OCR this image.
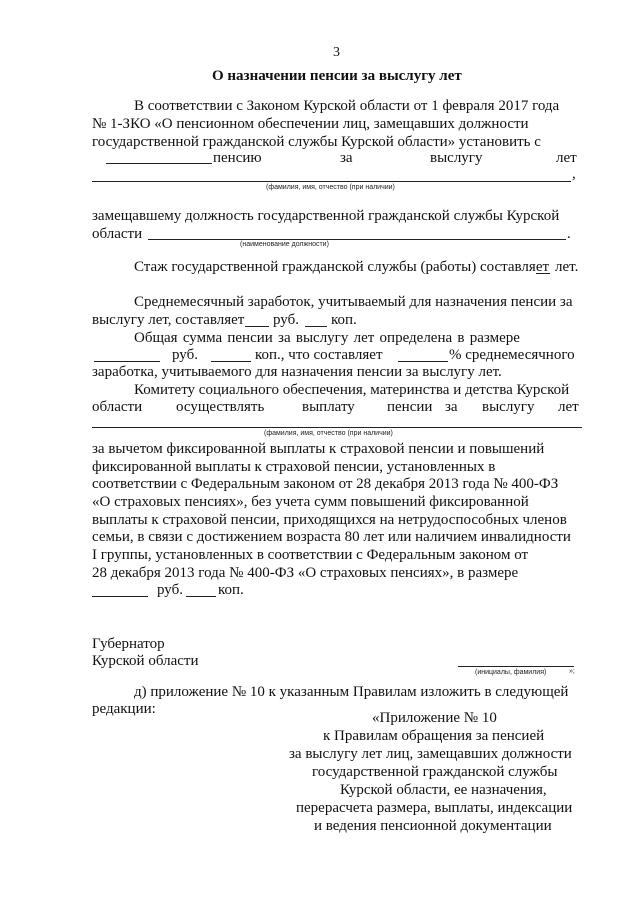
3
О назначении пенсии за выслугу лет
В соответствии с Законом Курской области от 1 февраля 2017 года
№ 1-ЗКО «О пенсионном обеспечении лиц, замещавших должности
государственной гражданской службы Курской области» установить с
пенсию	за	выслугу	лет
,
(фамилия, имя, отчество (при наличии)
замещавшему должность государственной гражданской службы Курской
области	.
(наименование должности)
Стаж государственной гражданской службы (работы) составляет лет.
Среднемесячный заработок, учитываемый для назначения пенсии за
выслугу лет, составляет руб. коп.
Общая сумма пенсии за выслугу лет определена в размере
руб.	коп., что составляет	% среднемесячного
заработка, учитываемого для назначения пенсии за выслугу лет.
Комитету социального обеспечения, материнства и детства Курской
области осуществлять	выплату пенсии за выслугу лет
(фамилия, имя, отчество (при наличии)
за вычетом фиксированной выплаты к страховой пенсии и повышений
фиксированной выплаты к страховой пенсии, установленных в
соответствии с Федеральным законом от 28 декабря 2013 года № 400-ФЗ
«О страховых пенсиях», без учета сумм повышений фиксированной
выплаты к страховой пенсии, приходящихся на нетрудоспособных членов
семьи, в связи с достижением возраста 80 лет или наличием инвалидности
I группы, установленных в соответствии с Федеральным законом от
28 декабря 2013 года № 400-ФЗ «О страховых пенсиях», в размере
руб. коп.
Губернатор
Курской области
(инициалы, фамилия)	»;
д) приложение № 10 к указанным Правилам изложить в следующей
редакции:
«Приложение № 10
к Правилам обращения за пенсией
за выслугу лет лиц, замещавших должности
государственной гражданской службы
Курской области, ее назначения,
перерасчета размера, выплаты, индексации
и ведения пенсионной документации
